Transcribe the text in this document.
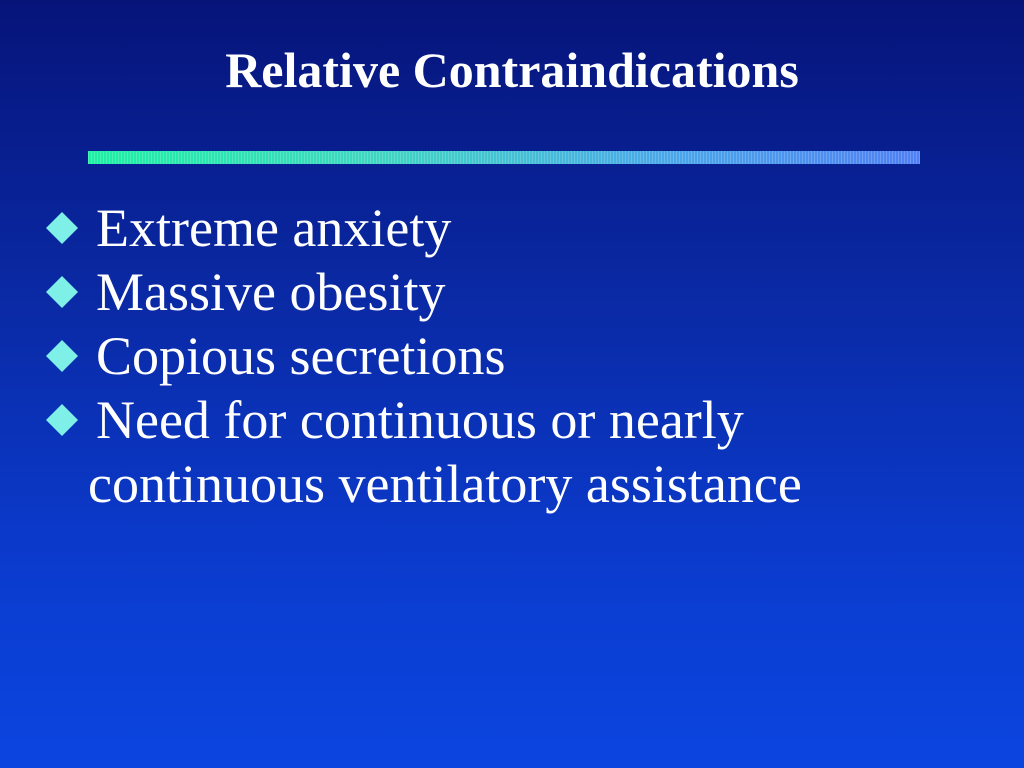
Relative Contraindications
Extreme anxiety
Massive obesity
Copious secretions
Need for continuous or nearly
continuous ventilatory assistance
